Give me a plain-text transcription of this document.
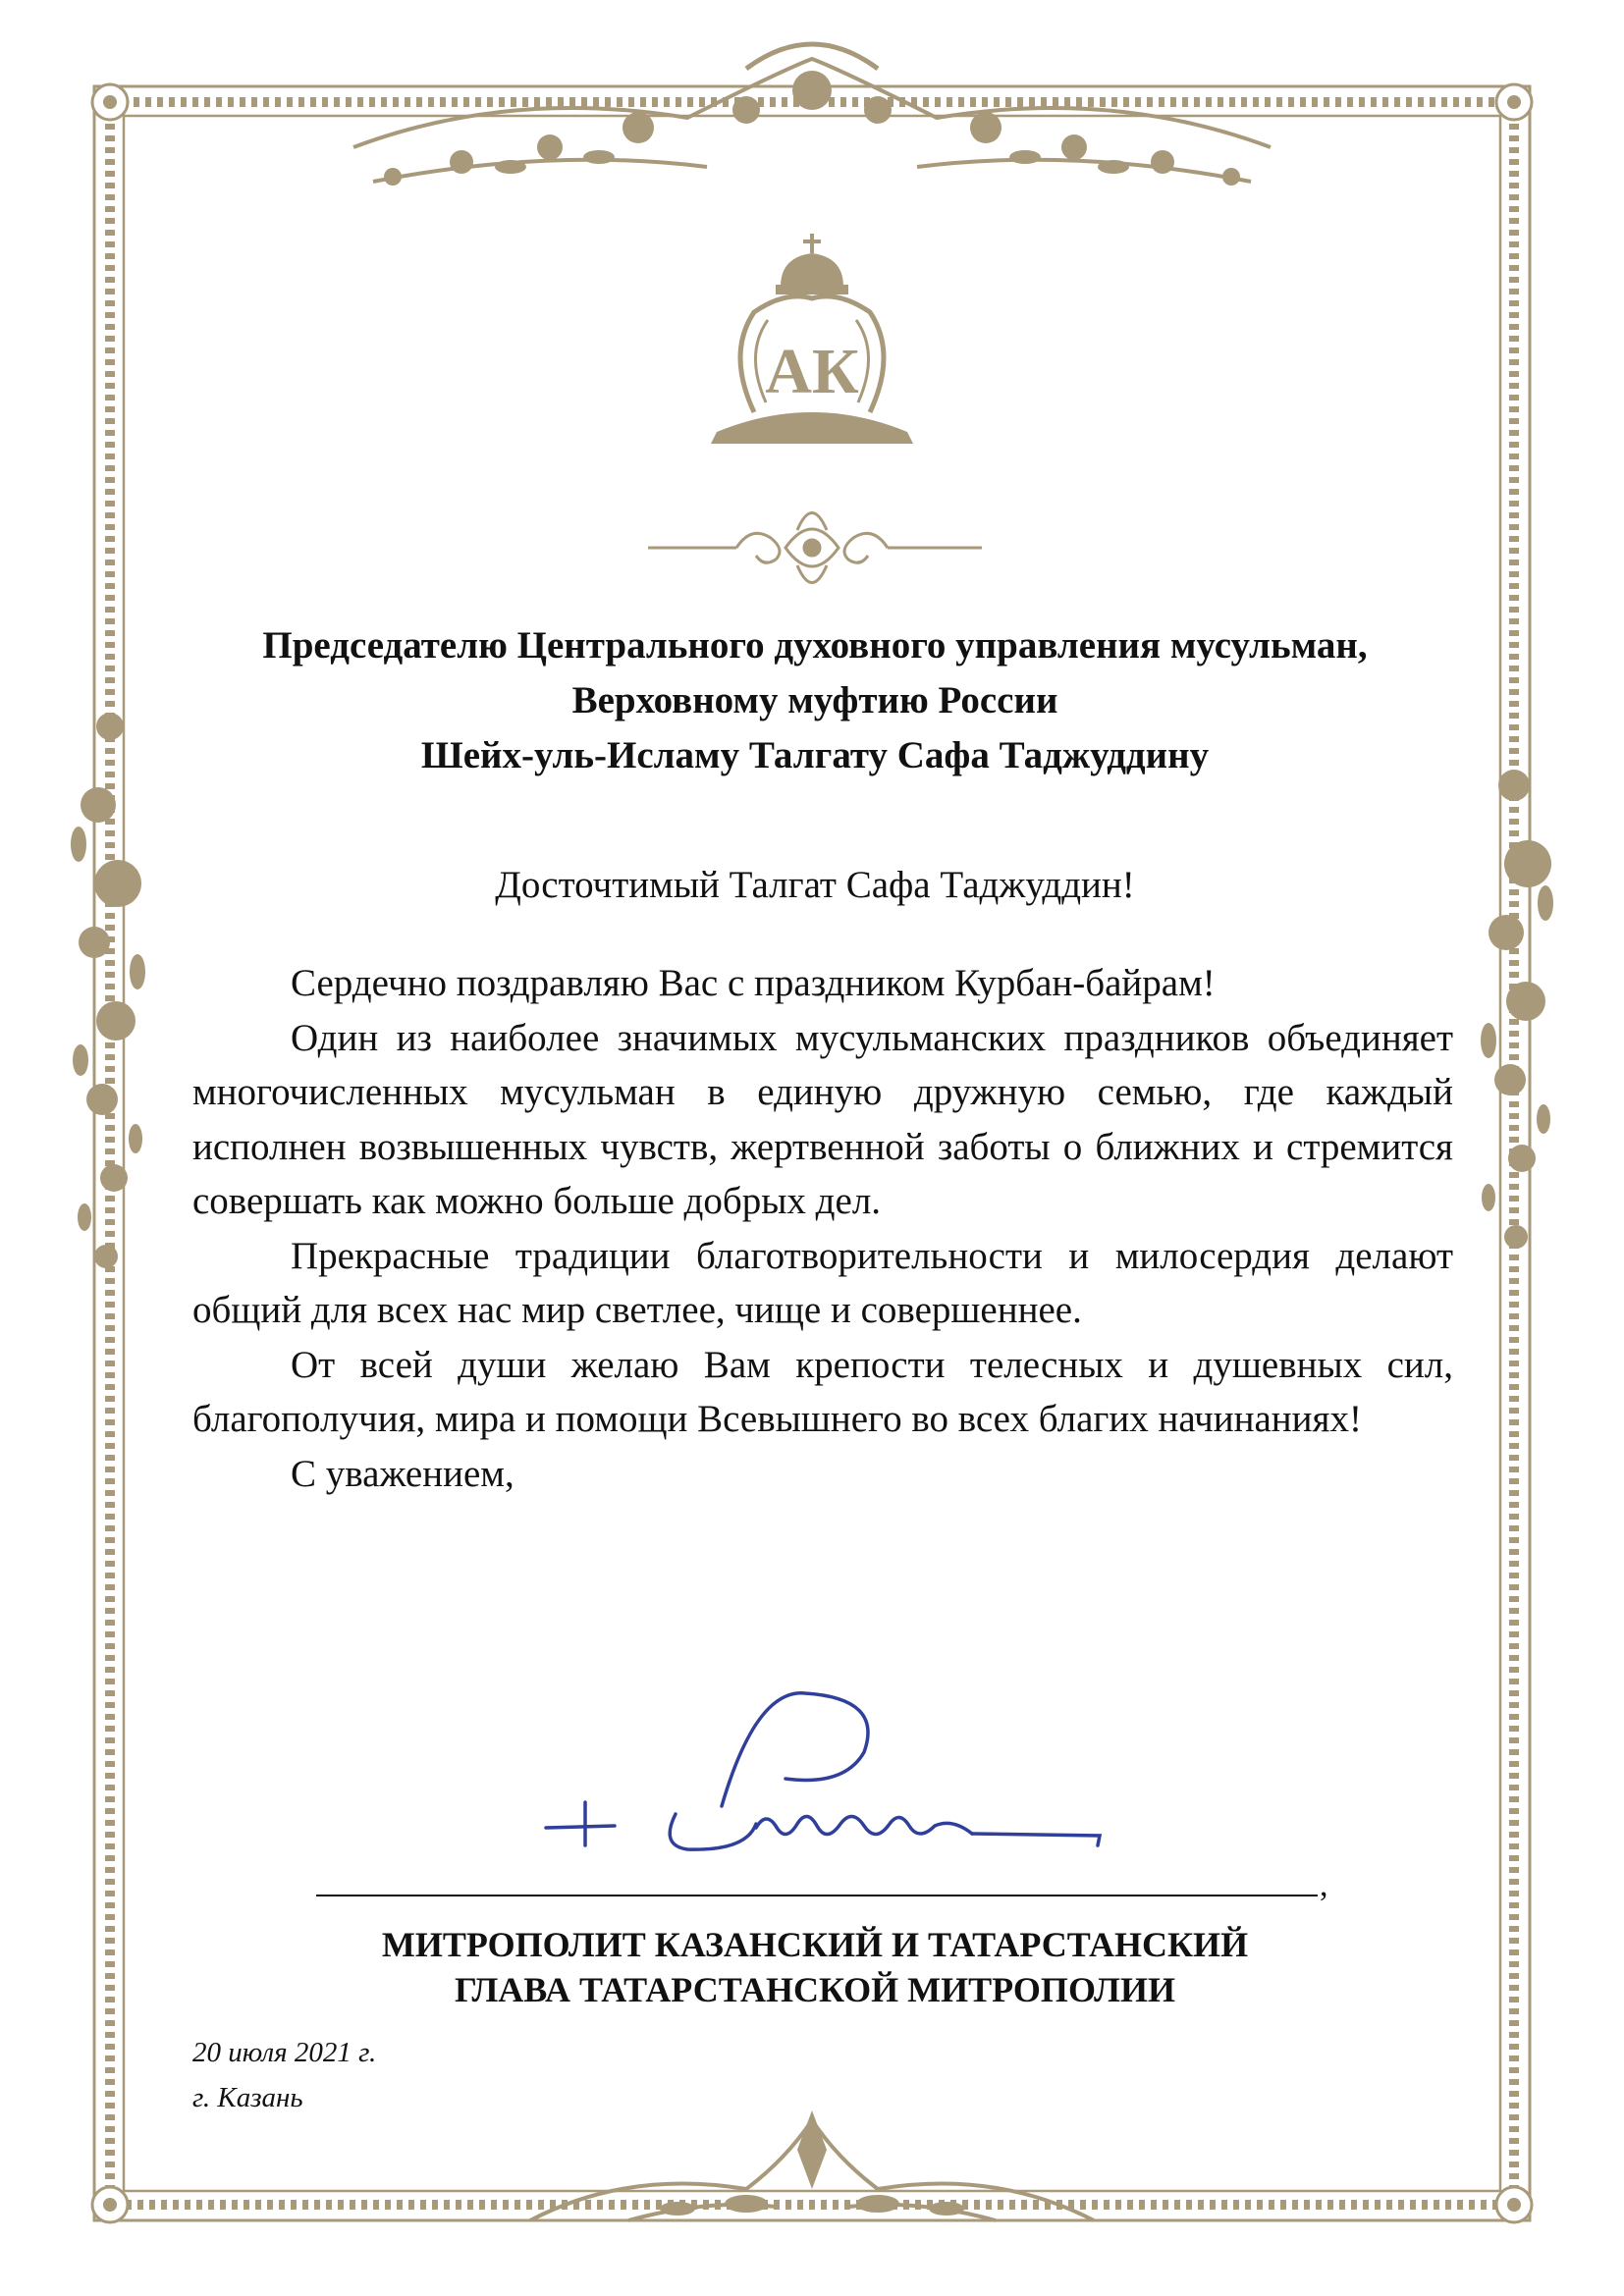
АК
Председателю Центрального духовного управления мусульман,
Верховному муфтию России
Шейх-уль-Исламу Талгату Сафа Таджуддину
Досточтимый Талгат Сафа Таджуддин!

Сердечно поздравляю Вас с праздником Курбан-байрам!

Один из наиболее значимых мусульманских праздников объединяет многочисленных мусульман в единую дружную семью, где каждый исполнен возвышенных чувств, жертвенной заботы о ближних и стремится совершать как можно больше добрых дел.

Прекрасные традиции благотворительности и милосердия делают общий для всех нас мир светлее, чище и совершеннее.

От всей души желаю Вам крепости телесных и душевных сил, благополучия, мира и помощи Всевышнего во всех благих начинаниях!

С уважением,

,
МИТРОПОЛИТ КАЗАНСКИЙ И ТАТАРСТАНСКИЙ
ГЛАВА ТАТАРСТАНСКОЙ МИТРОПОЛИИ
20 июля 2021 г.
г. Казань
